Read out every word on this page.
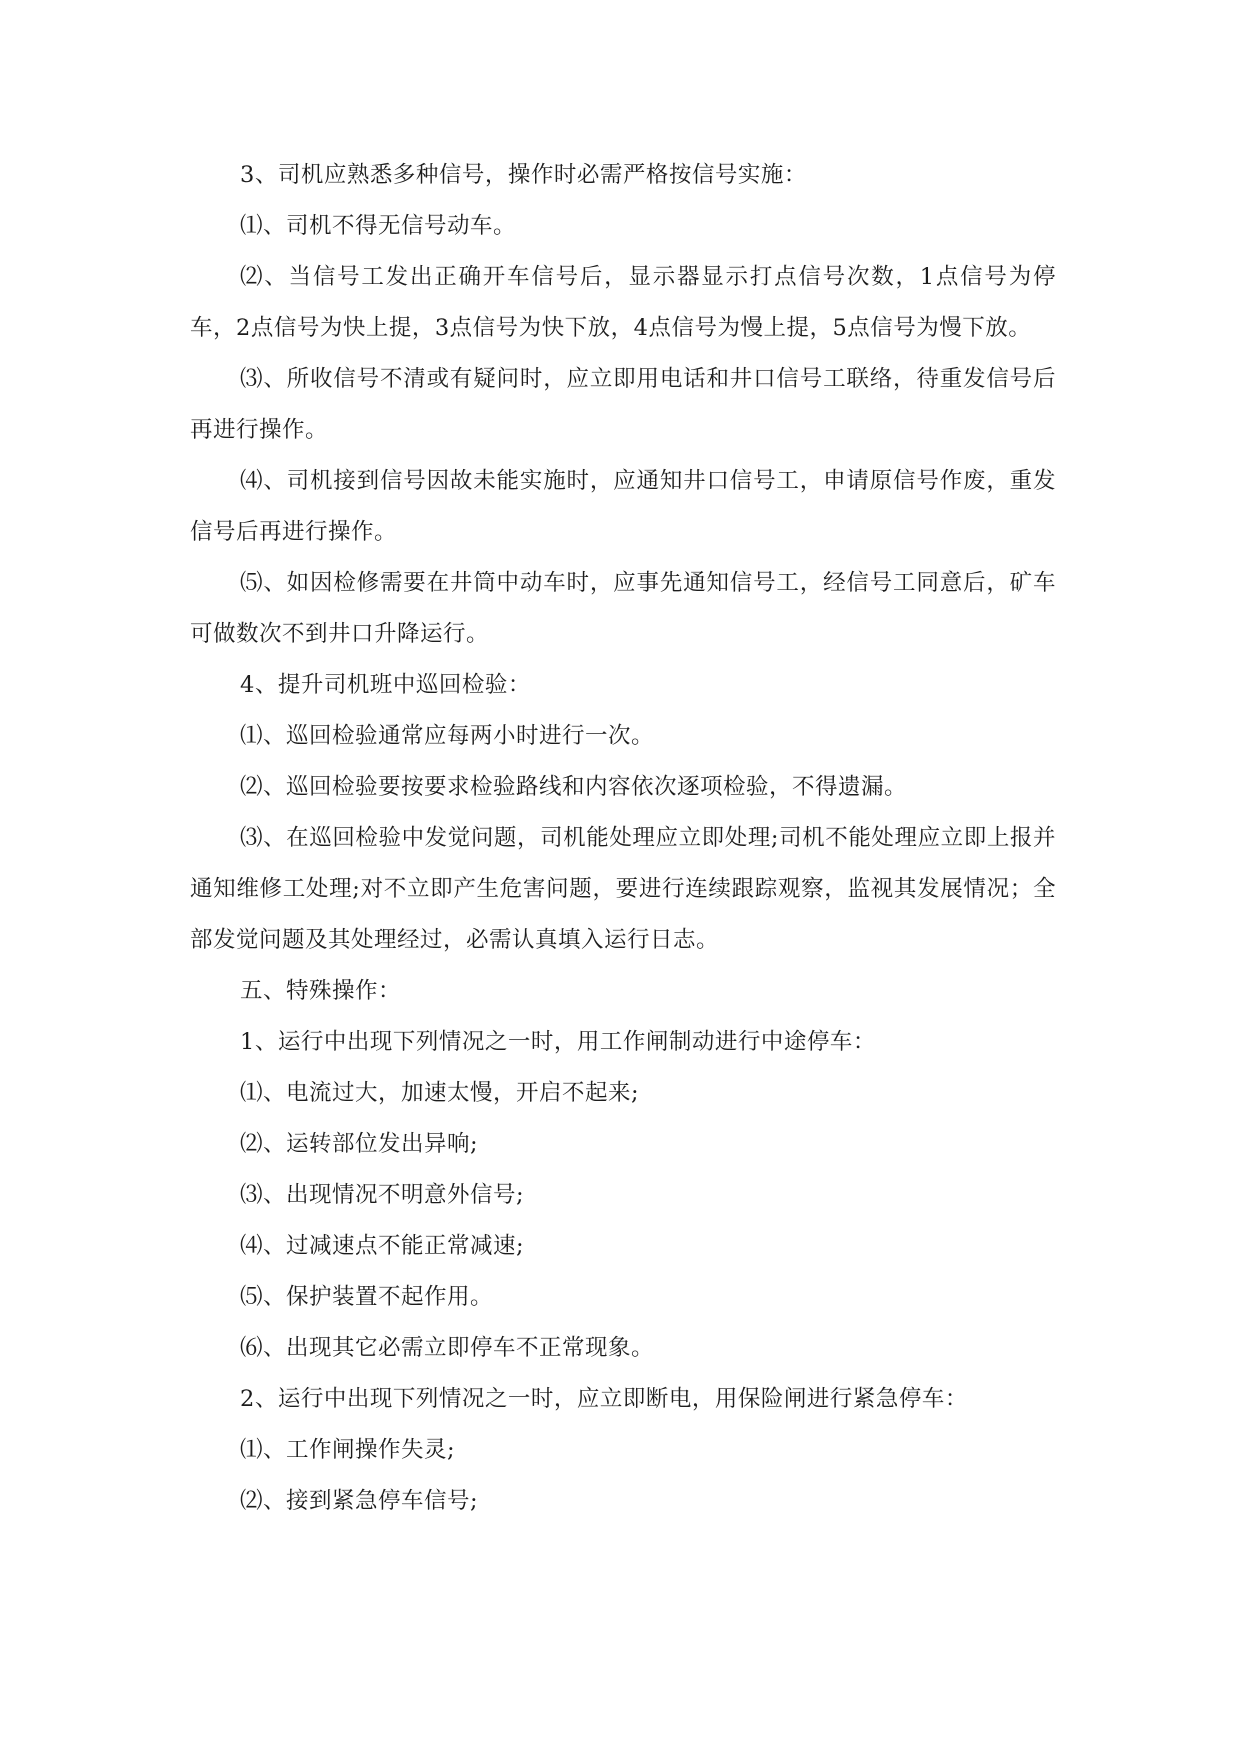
3、司机应熟悉多种信号，操作时必需严格按信号实施：

⑴、司机不得无信号动车。

⑵、当信号工发出正确开车信号后，显示器显示打点信号次数，1点信号为停车，2点信号为快上提，3点信号为快下放，4点信号为慢上提，5点信号为慢下放。

⑶、所收信号不清或有疑问时，应立即用电话和井口信号工联络，待重发信号后再进行操作。

⑷、司机接到信号因故未能实施时，应通知井口信号工，申请原信号作废，重发信号后再进行操作。

⑸、如因检修需要在井筒中动车时，应事先通知信号工，经信号工同意后，矿车可做数次不到井口升降运行。

4、提升司机班中巡回检验：

⑴、巡回检验通常应每两小时进行一次。

⑵、巡回检验要按要求检验路线和内容依次逐项检验，不得遗漏。

⑶、在巡回检验中发觉问题，司机能处理应立即处理;司机不能处理应立即上报并通知维修工处理;对不立即产生危害问题，要进行连续跟踪观察，监视其发展情况；全部发觉问题及其处理经过，必需认真填入运行日志。

五、特殊操作：

1、运行中出现下列情况之一时，用工作闸制动进行中途停车：

⑴、电流过大，加速太慢，开启不起来;

⑵、运转部位发出异响;

⑶、出现情况不明意外信号;

⑷、过减速点不能正常减速;

⑸、保护装置不起作用。

⑹、出现其它必需立即停车不正常现象。

2、运行中出现下列情况之一时，应立即断电，用保险闸进行紧急停车：

⑴、工作闸操作失灵;

⑵、接到紧急停车信号;
